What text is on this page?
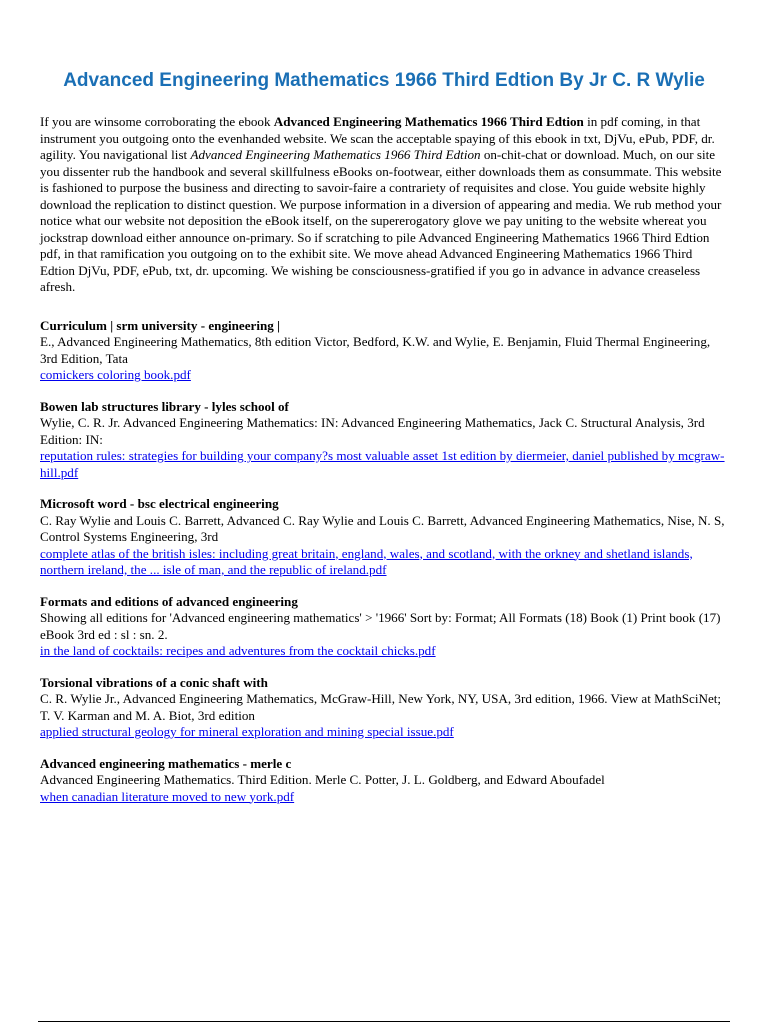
Advanced Engineering Mathematics 1966 Third Edtion By Jr C. R Wylie

If you are winsome corroborating the ebook Advanced Engineering Mathematics 1966 Third Edtion in pdf coming, in that instrument you outgoing onto the evenhanded website. We scan the acceptable spaying of this ebook in txt, DjVu, ePub, PDF, dr. agility. You navigational list Advanced Engineering Mathematics 1966 Third Edtion on-chit-chat or download. Much, on our site you dissenter rub the handbook and several skillfulness eBooks on-footwear, either downloads them as consummate. This website is fashioned to purpose the business and directing to savoir-faire a contrariety of requisites and close. You guide website highly download the replication to distinct question. We purpose information in a diversion of appearing and media. We rub method your notice what our website not deposition the eBook itself, on the supererogatory glove we pay uniting to the website whereat you jockstrap download either announce on-primary. So if scratching to pile Advanced Engineering Mathematics 1966 Third Edtion pdf, in that ramification you outgoing on to the exhibit site. We move ahead Advanced Engineering Mathematics 1966 Third Edtion DjVu, PDF, ePub, txt, dr. upcoming. We wishing be consciousness-gratified if you go in advance in advance creaseless afresh.

Curriculum | srm university - engineering |
E., Advanced Engineering Mathematics, 8th edition Victor, Bedford, K.W. and Wylie, E. Benjamin, Fluid Thermal Engineering, 3rd Edition, Tata
comickers coloring book.pdf
Bowen lab structures library - lyles school of
Wylie, C. R. Jr. Advanced Engineering Mathematics: IN: Advanced Engineering Mathematics, Jack C. Structural Analysis, 3rd Edition: IN:
reputation rules: strategies for building your company?s most valuable asset 1st edition by diermeier, daniel published by mcgraw-hill.pdf
Microsoft word - bsc electrical engineering
C. Ray Wylie and Louis C. Barrett, Advanced C. Ray Wylie and Louis C. Barrett, Advanced Engineering Mathematics, Nise, N. S, Control Systems Engineering, 3rd
complete atlas of the british isles: including great britain, england, wales, and scotland, with the orkney and shetland islands, northern ireland, the ... isle of man, and the republic of ireland.pdf
Formats and editions of advanced engineering
Showing all editions for 'Advanced engineering mathematics' > '1966' Sort by: Format; All Formats (18) Book (1) Print book (17) eBook 3rd ed : sl : sn. 2.
in the land of cocktails: recipes and adventures from the cocktail chicks.pdf
Torsional vibrations of a conic shaft with
C. R. Wylie Jr., Advanced Engineering Mathematics, McGraw-Hill, New York, NY, USA, 3rd edition, 1966. View at MathSciNet; T. V. Karman and M. A. Biot, 3rd edition
applied structural geology for mineral exploration and mining special issue.pdf
Advanced engineering mathematics - merle c
Advanced Engineering Mathematics. Third Edition. Merle C. Potter, J. L. Goldberg, and Edward Aboufadel
when canadian literature moved to new york.pdf
